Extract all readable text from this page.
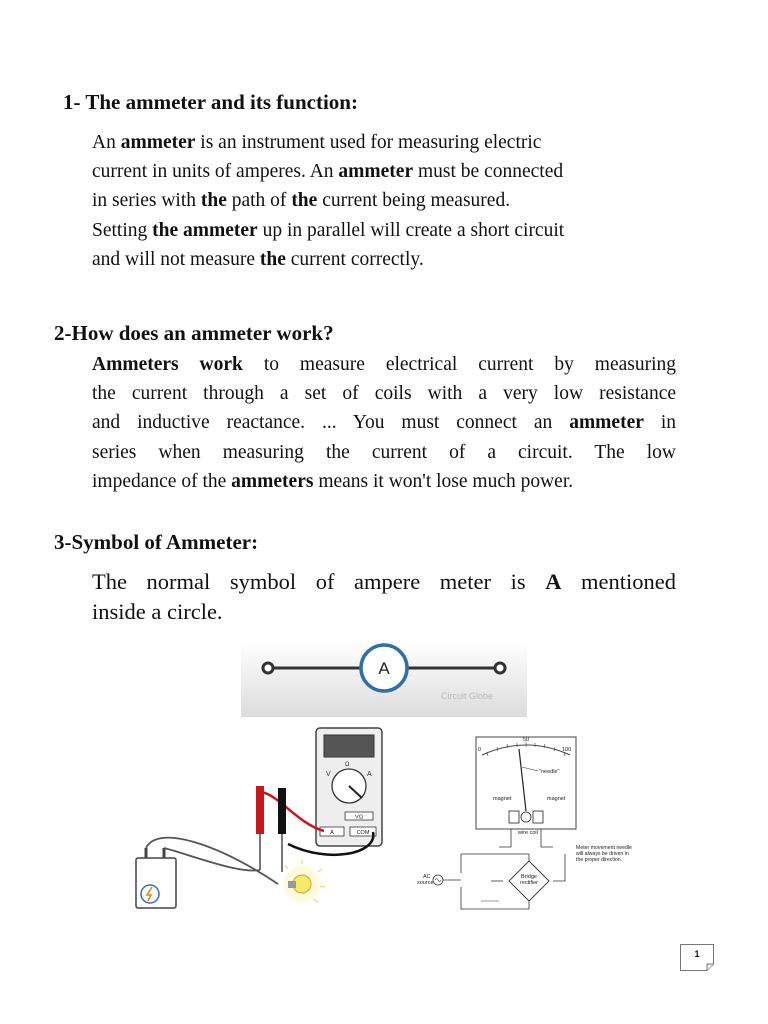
1- The ammeter and its function:

An ammeter is an instrument used for measuring electric
current in units of amperes. An ammeter must be connected
in series with the path of the current being measured.
Setting the ammeter up in parallel will create a short circuit
and will not measure the current correctly.

2-How does an ammeter work?

Ammeters work to measure electrical current by measuring
the current through a set of coils with a very low resistance
and inductive reactance. ... You must connect an ammeter in
series when measuring the current of a circuit. The low
impedance of the ammeters means it won't lose much power.

3-Symbol of Ammeter:

The normal symbol of ampere meter is A mentioned
inside a circle.

A
Circuit Globe
V	A
Ω
VΩ
A	COM
0
50
100
"needle"
magnet	magnet
wire coil
Meter movement needle
will always be driven in
the proper direction.
AC
source
Bridge
rectifier
1
